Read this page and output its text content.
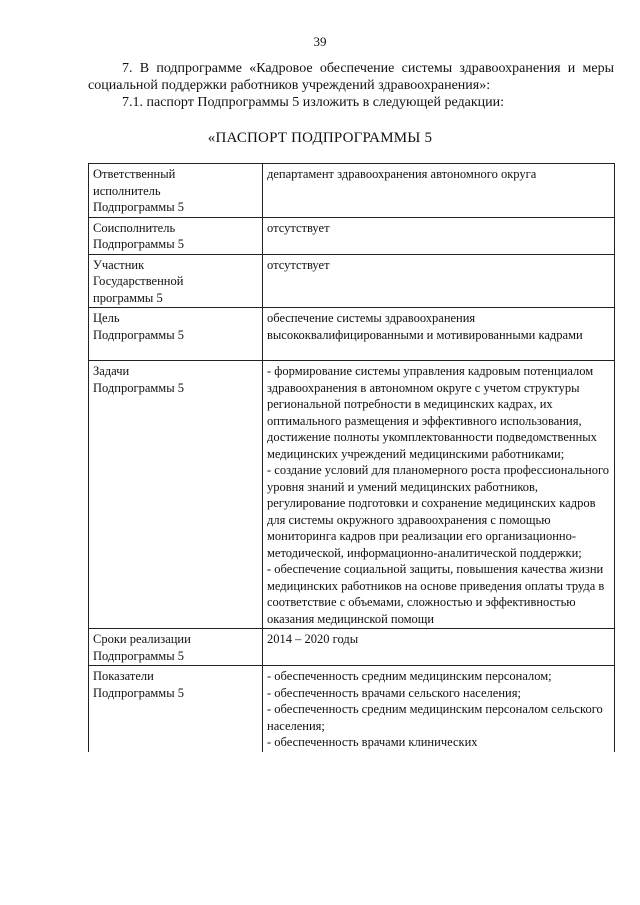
39

7. В подпрограмме «Кадровое обеспечение системы здравоохранения и меры социальной поддержки работников учреждений здравоохранения»:

7.1. паспорт Подпрограммы 5 изложить в следующей редакции:

«ПАСПОРТ ПОДПРОГРАММЫ 5
Ответственный
исполнитель
Подпрограммы 5	департамент здравоохранения автономного округа
Соисполнитель
Подпрограммы 5	отсутствует
Участник
Государственной
программы 5	отсутствует
Цель
Подпрограммы 5	обеспечение системы здравоохранения высококвалифицированными и мотивированными кадрами
Задачи
Подпрограммы 5	- формирование системы управления кадровым потенциалом здравоохранения в автономном округе с учетом структуры региональной потребности в медицинских кадрах, их оптимального размещения и эффективного использования, достижение полноты укомплектованности подведомственных медицинских учреждений медицинскими работниками;
- создание условий для планомерного роста профессионального уровня знаний и умений медицинских работников, регулирование подготовки и сохранение медицинских кадров для системы окружного здравоохранения с помощью мониторинга кадров при реализации его организационно-методической, информационно-аналитической поддержки;
- обеспечение социальной защиты, повышения качества жизни медицинских работников на основе приведения оплаты труда в соответствие с объемами, сложностью и эффективностью оказания медицинской помощи
Сроки реализации
Подпрограммы 5	2014 – 2020 годы
Показатели
Подпрограммы 5	- обеспеченность средним медицинским персоналом;
- обеспеченность врачами сельского населения;
- обеспеченность средним медицинским персоналом сельского населения;
- обеспеченность врачами клинических
